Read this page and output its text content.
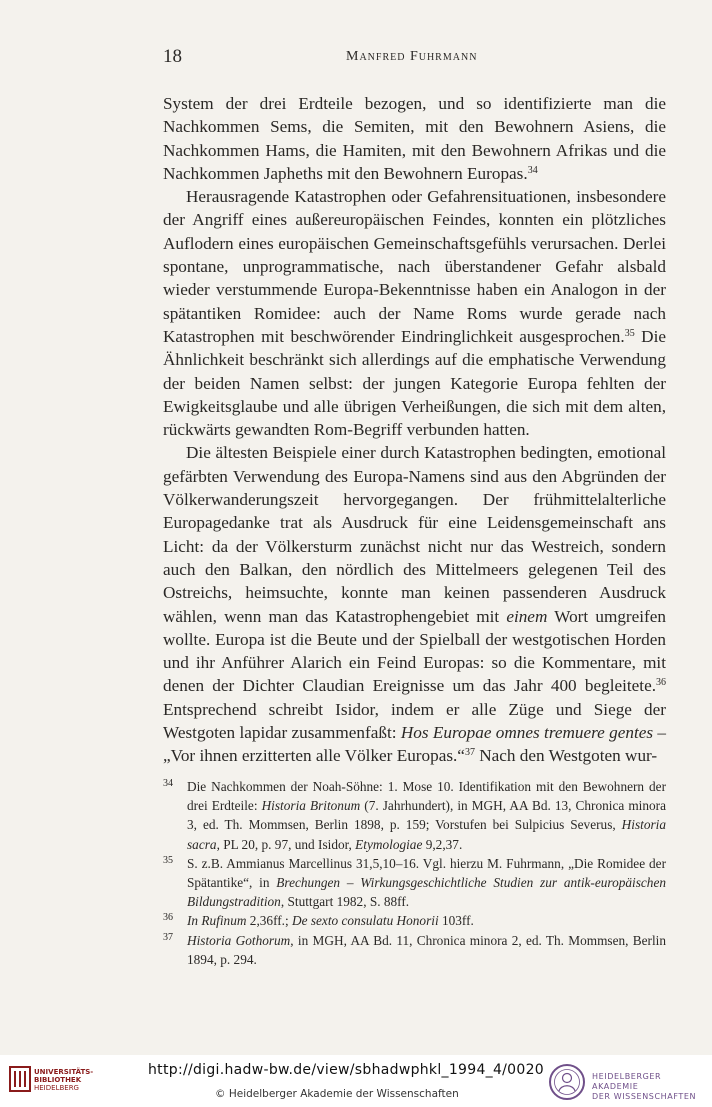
18	Manfred Fuhrmann

System der drei Erdteile bezogen, und so identifizierte man die Nachkommen Sems, die Semiten, mit den Bewohnern Asiens, die Nachkommen Hams, die Hamiten, mit den Bewohnern Afrikas und die Nachkommen Japheths mit den Bewohnern Europas.$^{34}$

Herausragende Katastrophen oder Gefahrensituationen, insbesondere der Angriff eines außereuropäischen Feindes, konnten ein plötzliches Auflodern eines europäischen Gemeinschaftsgefühls verursachen. Derlei spontane, unprogrammatische, nach überstandener Gefahr alsbald wieder verstummende Europa-Bekenntnisse haben ein Analogon in der spätantiken Romidee: auch der Name Roms wurde gerade nach Katastrophen mit beschwörender Eindringlichkeit ausgesprochen.$^{35}$ Die Ähnlichkeit beschränkt sich allerdings auf die emphatische Verwendung der beiden Namen selbst: der jungen Kategorie Europa fehlten der Ewigkeitsglaube und alle übrigen Verheißungen, die sich mit dem alten, rückwärts gewandten Rom-Begriff verbunden hatten.

Die ältesten Beispiele einer durch Katastrophen bedingten, emotional gefärbten Verwendung des Europa-Namens sind aus den Abgründen der Völkerwanderungszeit hervorgegangen. Der frühmittelalterliche Europagedanke trat als Ausdruck für eine Leidensgemeinschaft ans Licht: da der Völkersturm zunächst nicht nur das Westreich, sondern auch den Balkan, den nördlich des Mittelmeers gelegenen Teil des Ostreichs, heimsuchte, konnte man keinen passenderen Ausdruck wählen, wenn man das Katastrophengebiet mit einem Wort umgreifen wollte. Europa ist die Beute und der Spielball der westgotischen Horden und ihr Anführer Alarich ein Feind Europas: so die Kommentare, mit denen der Dichter Claudian Ereignisse um das Jahr 400 begleitete.$^{36}$ Entsprechend schreibt Isidor, indem er alle Züge und Siege der Westgoten lapidar zusammenfaßt: Hos Europae omnes tremuere gentes – „Vor ihnen erzitterten alle Völker Europas.“$^{37}$ Nach den Westgoten wur-

34	Die Nachkommen der Noah-Söhne: 1. Mose 10. Identifikation mit den Bewohnern der drei Erdteile: Historia Britonum (7. Jahrhundert), in MGH, AA Bd. 13, Chronica minora 3, ed. Th. Mommsen, Berlin 1898, p. 159; Vorstufen bei Sulpicius Severus, Historia sacra, PL 20, p. 97, und Isidor, Etymologiae 9,2,37.
35	S. z.B. Ammianus Marcellinus 31,5,10–16. Vgl. hierzu M. Fuhrmann, „Die Romidee der Spätantike“, in Brechungen – Wirkungsgeschichtliche Studien zur antik-europäischen Bildungstradition, Stuttgart 1982, S. 88ff.
36	In Rufinum 2,36ff.; De sexto consulatu Honorii 103ff.
37	Historia Gothorum, in MGH, AA Bd. 11, Chronica minora 2, ed. Th. Mommsen, Berlin 1894, p. 294.
UNIVERSITÄTS-
BIBLIOTHEK
HEIDELBERG
http://digi.hadw-bw.de/view/sbhadwphkl_1994_4/0020
© Heidelberger Akademie der Wissenschaften
HEIDELBERGER AKADEMIE
DER WISSENSCHAFTEN
